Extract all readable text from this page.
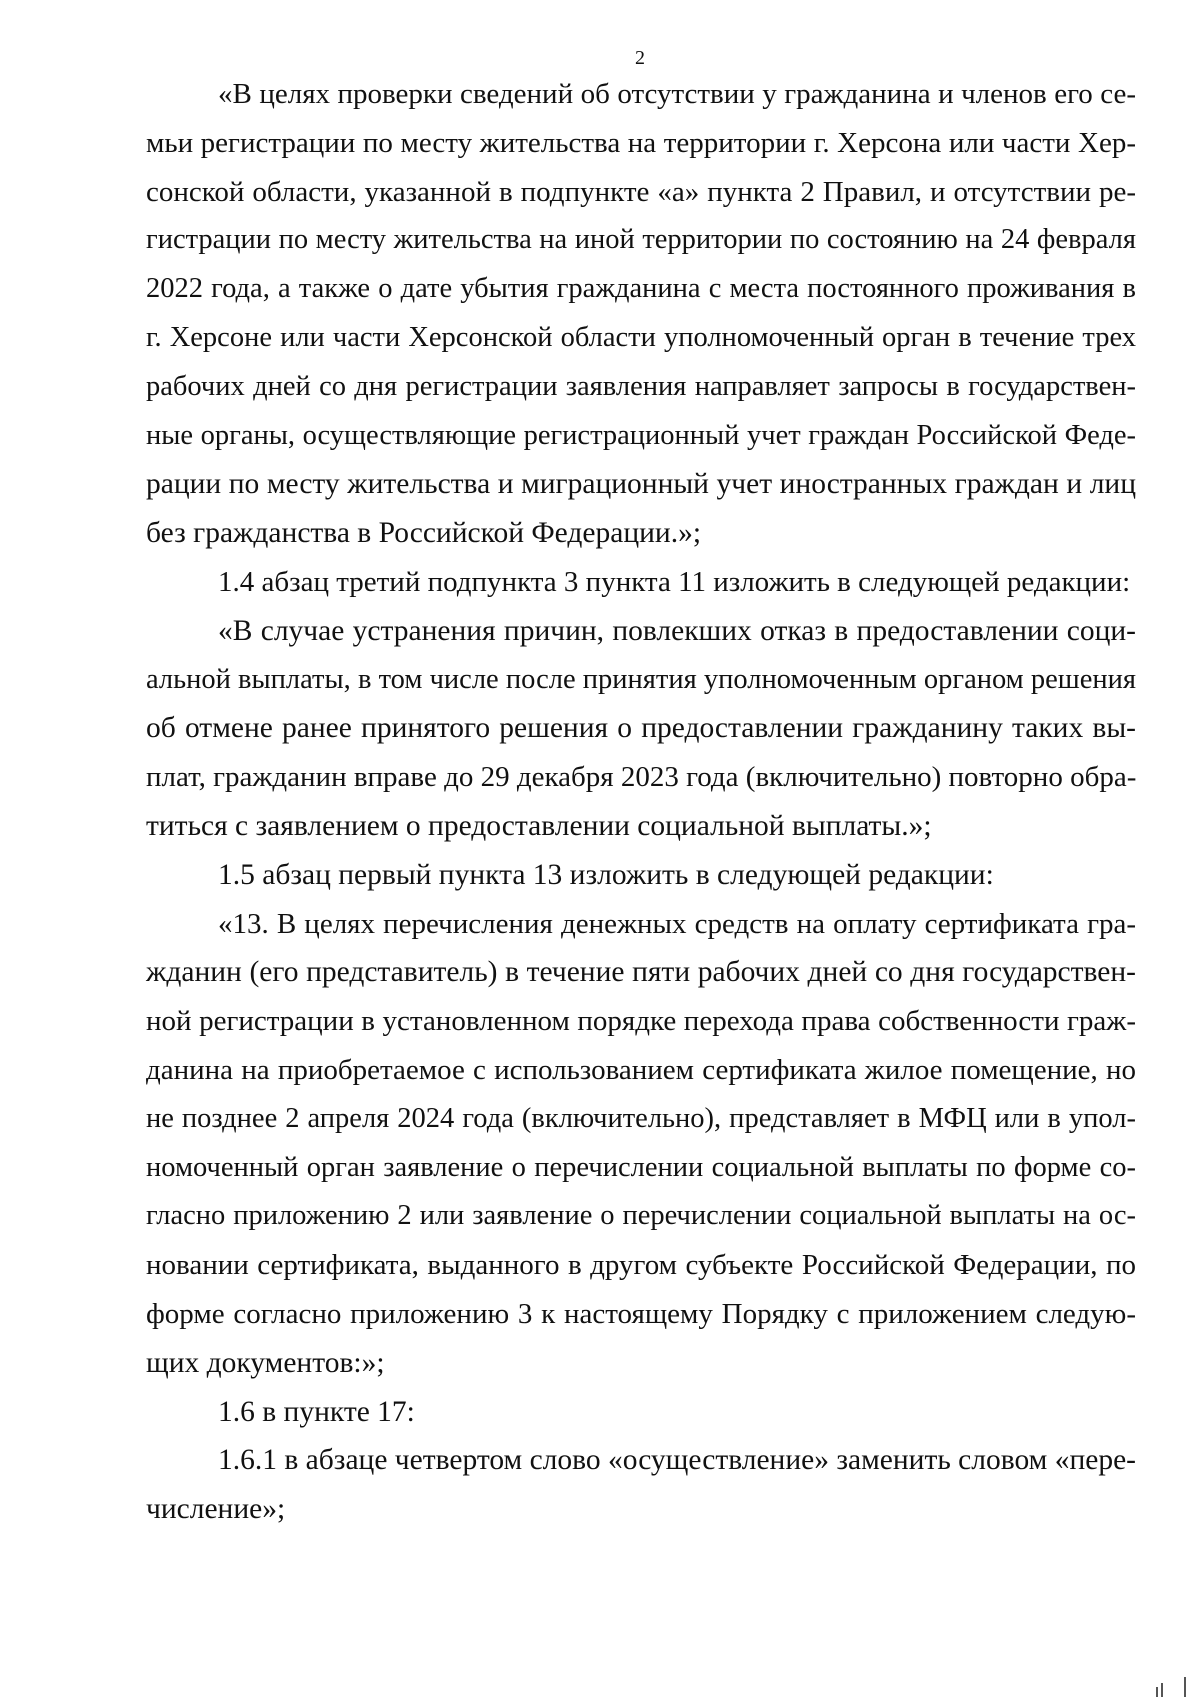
2
«В целях проверки сведений об отсутствии у гражданина и членов его се-
мьи регистрации по месту жительства на территории г. Херсона или части Хер-
сонской области, указанной в подпункте «а» пункта 2 Правил, и отсутствии ре-
гистрации по месту жительства на иной территории по состоянию на 24 февраля
2022 года, а также о дате убытия гражданина с места постоянного проживания в
г. Херсоне или части Херсонской области уполномоченный орган в течение трех
рабочих дней со дня регистрации заявления направляет запросы в государствен-
ные органы, осуществляющие регистрационный учет граждан Российской Феде-
рации по месту жительства и миграционный учет иностранных граждан и лиц
без гражданства в Российской Федерации.»;
1.4 абзац третий подпункта 3 пункта 11 изложить в следующей редакции:
«В случае устранения причин, повлекших отказ в предоставлении соци-
альной выплаты, в том числе после принятия уполномоченным органом решения
об отмене ранее принятого решения о предоставлении гражданину таких вы-
плат, гражданин вправе до 29 декабря 2023 года (включительно) повторно обра-
титься с заявлением о предоставлении социальной выплаты.»;
1.5 абзац первый пункта 13 изложить в следующей редакции:
«13. В целях перечисления денежных средств на оплату сертификата гра-
жданин (его представитель) в течение пяти рабочих дней со дня государствен-
ной регистрации в установленном порядке перехода права собственности граж-
данина на приобретаемое с использованием сертификата жилое помещение, но
не позднее 2 апреля 2024 года (включительно), представляет в МФЦ или в упол-
номоченный орган заявление о перечислении социальной выплаты по форме со-
гласно приложению 2 или заявление о перечислении социальной выплаты на ос-
новании сертификата, выданного в другом субъекте Российской Федерации, по
форме согласно приложению 3 к настоящему Порядку с приложением следую-
щих документов:»;
1.6 в пункте 17:
1.6.1 в абзаце четвертом слово «осуществление» заменить словом «пере-
числение»;
